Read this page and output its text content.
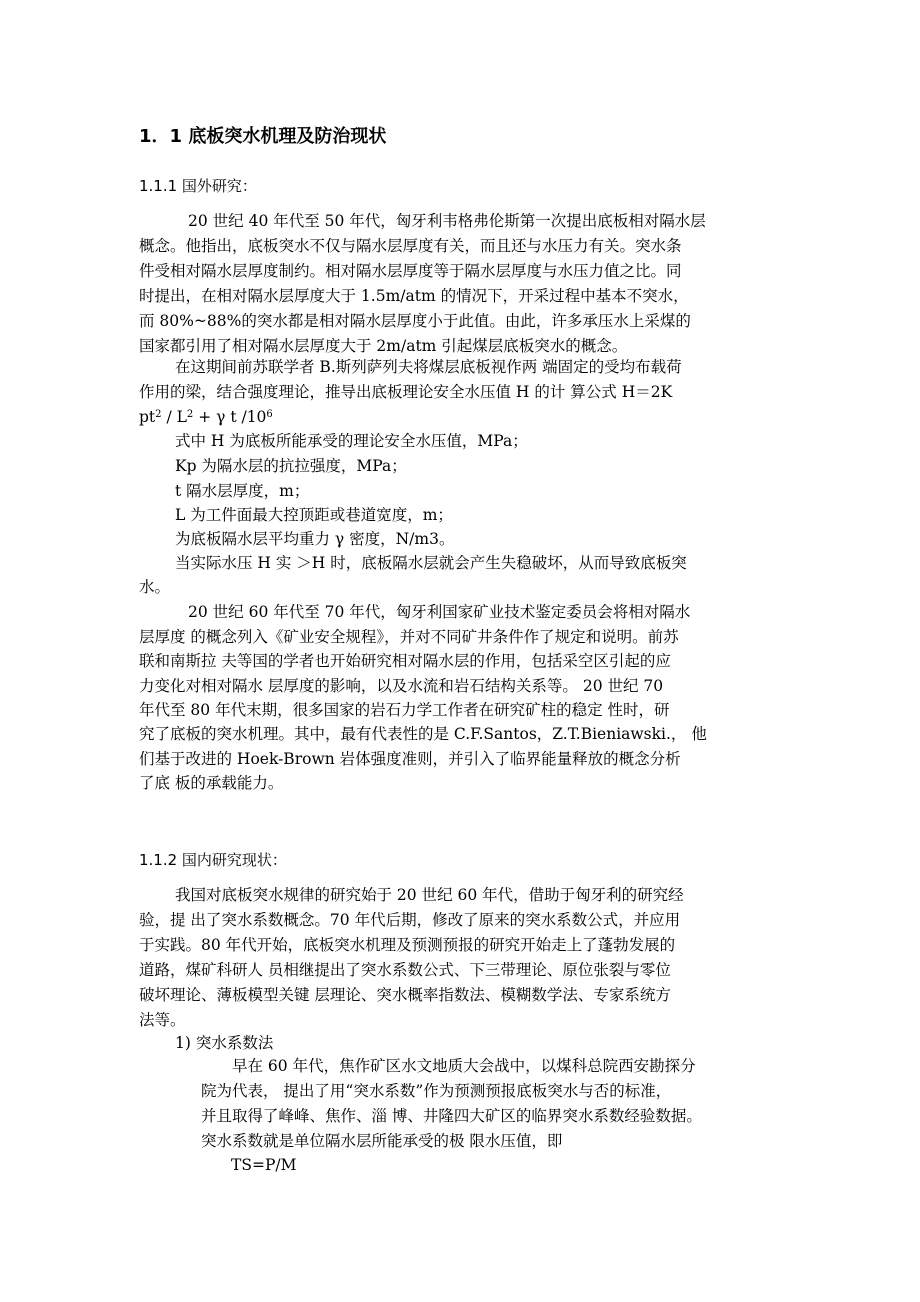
1．1 底板突水机理及防治现状
1.1.1 国外研究：
20 世纪 40 年代至 50 年代，匈牙利韦格弗伦斯第一次提出底板相对隔水层
概念。他指出，底板突水不仅与隔水层厚度有关，而且还与水压力有关。突水条
件受相对隔水层厚度制约。相对隔水层厚度等于隔水层厚度与水压力值之比。同
时提出，在相对隔水层厚度大于 1.5m/atm 的情况下，开采过程中基本不突水，
而 80%~88%的突水都是相对隔水层厚度小于此值。由此，许多承压水上采煤的
国家都引用了相对隔水层厚度大于 2m/atm 引起煤层底板突水的概念。
在这期间前苏联学者 B.斯列萨列夫将煤层底板视作两 端固定的受均布载荷
作用的梁，结合强度理论，推导出底板理论安全水压值 H 的计 算公式 H＝2K
$pt^2 / L^2 + \gamma$ t $/10^6$
式中 H 为底板所能承受的理论安全水压值，MPa；
Kp 为隔水层的抗拉强度，MPa；
t 隔水层厚度，m；
L 为工件面最大控顶距或巷道宽度，m；
为底板隔水层平均重力 γ 密度，N/m3。
当实际水压 H 实 ＞H 时，底板隔水层就会产生失稳破坏，从而导致底板突
水。
20 世纪 60 年代至 70 年代，匈牙利国家矿业技术鉴定委员会将相对隔水
层厚度 的概念列入《矿业安全规程》，并对不同矿井条件作了规定和说明。前苏
联和南斯拉 夫等国的学者也开始研究相对隔水层的作用，包括采空区引起的应
力变化对相对隔水 层厚度的影响，以及水流和岩石结构关系等。 20 世纪 70
年代至 80 年代末期，很多国家的岩石力学工作者在研究矿柱的稳定 性时，研
究了底板的突水机理。其中，最有代表性的是 C.F.Santos，Z.T.Bieniawski.， 他
们基于改进的 Hoek-Brown 岩体强度准则，并引入了临界能量释放的概念分析
了底 板的承载能力。
1.1.2 国内研究现状：
我国对底板突水规律的研究始于 20 世纪 60 年代，借助于匈牙利的研究经
验，提 出了突水系数概念。70 年代后期，修改了原来的突水系数公式，并应用
于实践。80 年代开始，底板突水机理及预测预报的研究开始走上了蓬勃发展的
道路，煤矿科研人 员相继提出了突水系数公式、下三带理论、原位张裂与零位
破坏理论、薄板模型关键 层理论、突水概率指数法、模糊数学法、专家系统方
法等。
1) 突水系数法
早在 60 年代，焦作矿区水文地质大会战中，以煤科总院西安勘探分
院为代表， 提出了用“突水系数”作为预测预报底板突水与否的标准，
并且取得了峰峰、焦作、淄 博、井隆四大矿区的临界突水系数经验数据。
突水系数就是单位隔水层所能承受的极 限水压值，即
TS=P/M
